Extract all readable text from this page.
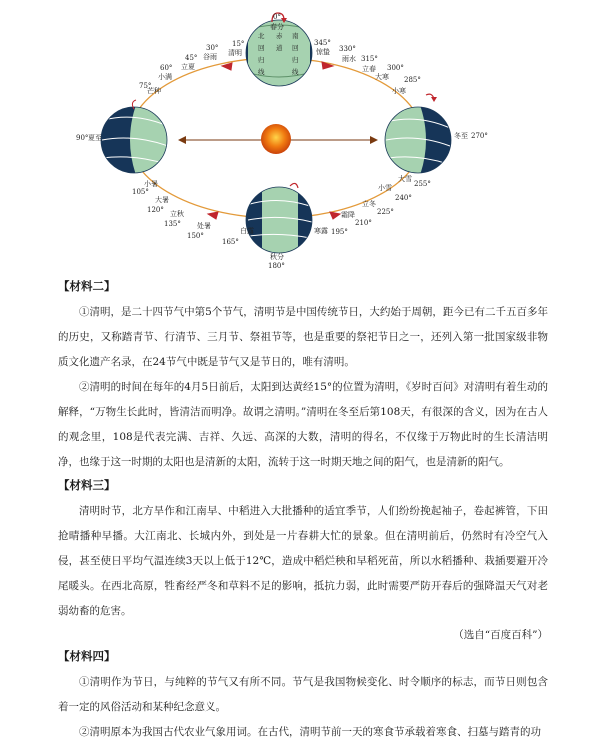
北
回
归
线
赤
道
南
回
归
线
0°
春分
15°
清明
30°
谷雨
45°
立夏
60°
小满
75°
芒种
90° 夏至
小暑
105°
大暑
120° 立秋
135° 处暑
150°
白露
165°
秋分
180°
寒露 195°
霜降
210°
立冬
225°
小雪
240°
大雪
255°
冬至 270°
小寒
285°
大寒
300°
立春
315°
雨水
330°
惊蛰
345°

【材料二】

①清明，是二十四节气中第5个节气，清明节是中国传统节日，大约始于周朝，距今已有二千五百多年的历史，又称踏青节、行清节、三月节、祭祖节等，也是重要的祭祀节日之一，还列入第一批国家级非物质文化遗产名录，在24节气中既是节气又是节日的，唯有清明。

②清明的时间在每年的4月5日前后，太阳到达黄经15°的位置为清明，《岁时百问》对清明有着生动的解释，“万物生长此时，皆清洁而明净。故谓之清明。”清明在冬至后第108天，有很深的含义，因为在古人的观念里，108是代表完满、吉祥、久远、高深的大数，清明的得名，不仅缘于万物此时的生长清洁明净，也缘于这一时期的太阳也是清新的太阳，流转于这一时期天地之间的阳气，也是清新的阳气。

【材料三】

清明时节，北方旱作和江南早、中稻进入大批播种的适宜季节，人们纷纷挽起袖子，卷起裤管，下田抢晴播种早播。大江南北、长城内外，到处是一片春耕大忙的景象。但在清明前后，仍然时有冷空气入侵，甚至使日平均气温连续3天以上低于12℃，造成中稻烂秧和早稻死苗，所以水稻播种、栽插要避开冷尾暖头。在西北高原，牲畜经严冬和草料不足的影响，抵抗力弱，此时需要严防开春后的强降温天气对老弱幼畜的危害。

（选自“百度百科”）

【材料四】

①清明作为节日，与纯粹的节气又有所不同。节气是我国物候变化、时令顺序的标志，而节日则包含着一定的风俗活动和某种纪念意义。

②清明原本为我国古代农业气象用词。在古代，清明节前一天的寒食节承载着寒食、扫墓与踏青的功
